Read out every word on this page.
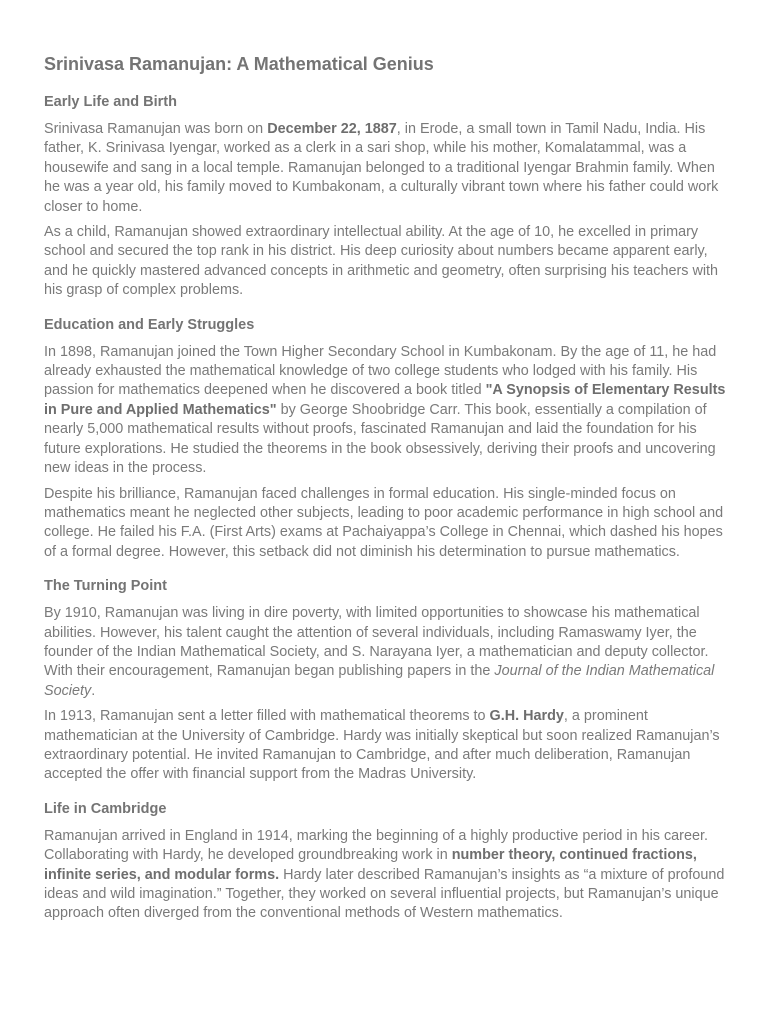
Srinivasa Ramanujan: A Mathematical Genius
Early Life and Birth

Srinivasa Ramanujan was born on December 22, 1887, in Erode, a small town in Tamil Nadu, India. His father, K. Srinivasa Iyengar, worked as a clerk in a sari shop, while his mother, Komalatammal, was a housewife and sang in a local temple. Ramanujan belonged to a traditional Iyengar Brahmin family. When he was a year old, his family moved to Kumbakonam, a culturally vibrant town where his father could work closer to home.

As a child, Ramanujan showed extraordinary intellectual ability. At the age of 10, he excelled in primary school and secured the top rank in his district. His deep curiosity about numbers became apparent early, and he quickly mastered advanced concepts in arithmetic and geometry, often surprising his teachers with his grasp of complex problems.

Education and Early Struggles

In 1898, Ramanujan joined the Town Higher Secondary School in Kumbakonam. By the age of 11, he had already exhausted the mathematical knowledge of two college students who lodged with his family. His passion for mathematics deepened when he discovered a book titled "A Synopsis of Elementary Results in Pure and Applied Mathematics" by George Shoobridge Carr. This book, essentially a compilation of nearly 5,000 mathematical results without proofs, fascinated Ramanujan and laid the foundation for his future explorations. He studied the theorems in the book obsessively, deriving their proofs and uncovering new ideas in the process.

Despite his brilliance, Ramanujan faced challenges in formal education. His single-minded focus on mathematics meant he neglected other subjects, leading to poor academic performance in high school and college. He failed his F.A. (First Arts) exams at Pachaiyappa’s College in Chennai, which dashed his hopes of a formal degree. However, this setback did not diminish his determination to pursue mathematics.

The Turning Point

By 1910, Ramanujan was living in dire poverty, with limited opportunities to showcase his mathematical abilities. However, his talent caught the attention of several individuals, including Ramaswamy Iyer, the founder of the Indian Mathematical Society, and S. Narayana Iyer, a mathematician and deputy collector. With their encouragement, Ramanujan began publishing papers in the Journal of the Indian Mathematical Society.

In 1913, Ramanujan sent a letter filled with mathematical theorems to G.H. Hardy, a prominent mathematician at the University of Cambridge. Hardy was initially skeptical but soon realized Ramanujan’s extraordinary potential. He invited Ramanujan to Cambridge, and after much deliberation, Ramanujan accepted the offer with financial support from the Madras University.

Life in Cambridge

Ramanujan arrived in England in 1914, marking the beginning of a highly productive period in his career. Collaborating with Hardy, he developed groundbreaking work in number theory, continued fractions, infinite series, and modular forms. Hardy later described Ramanujan’s insights as “a mixture of profound ideas and wild imagination.” Together, they worked on several influential projects, but Ramanujan’s unique approach often diverged from the conventional methods of Western mathematics.
